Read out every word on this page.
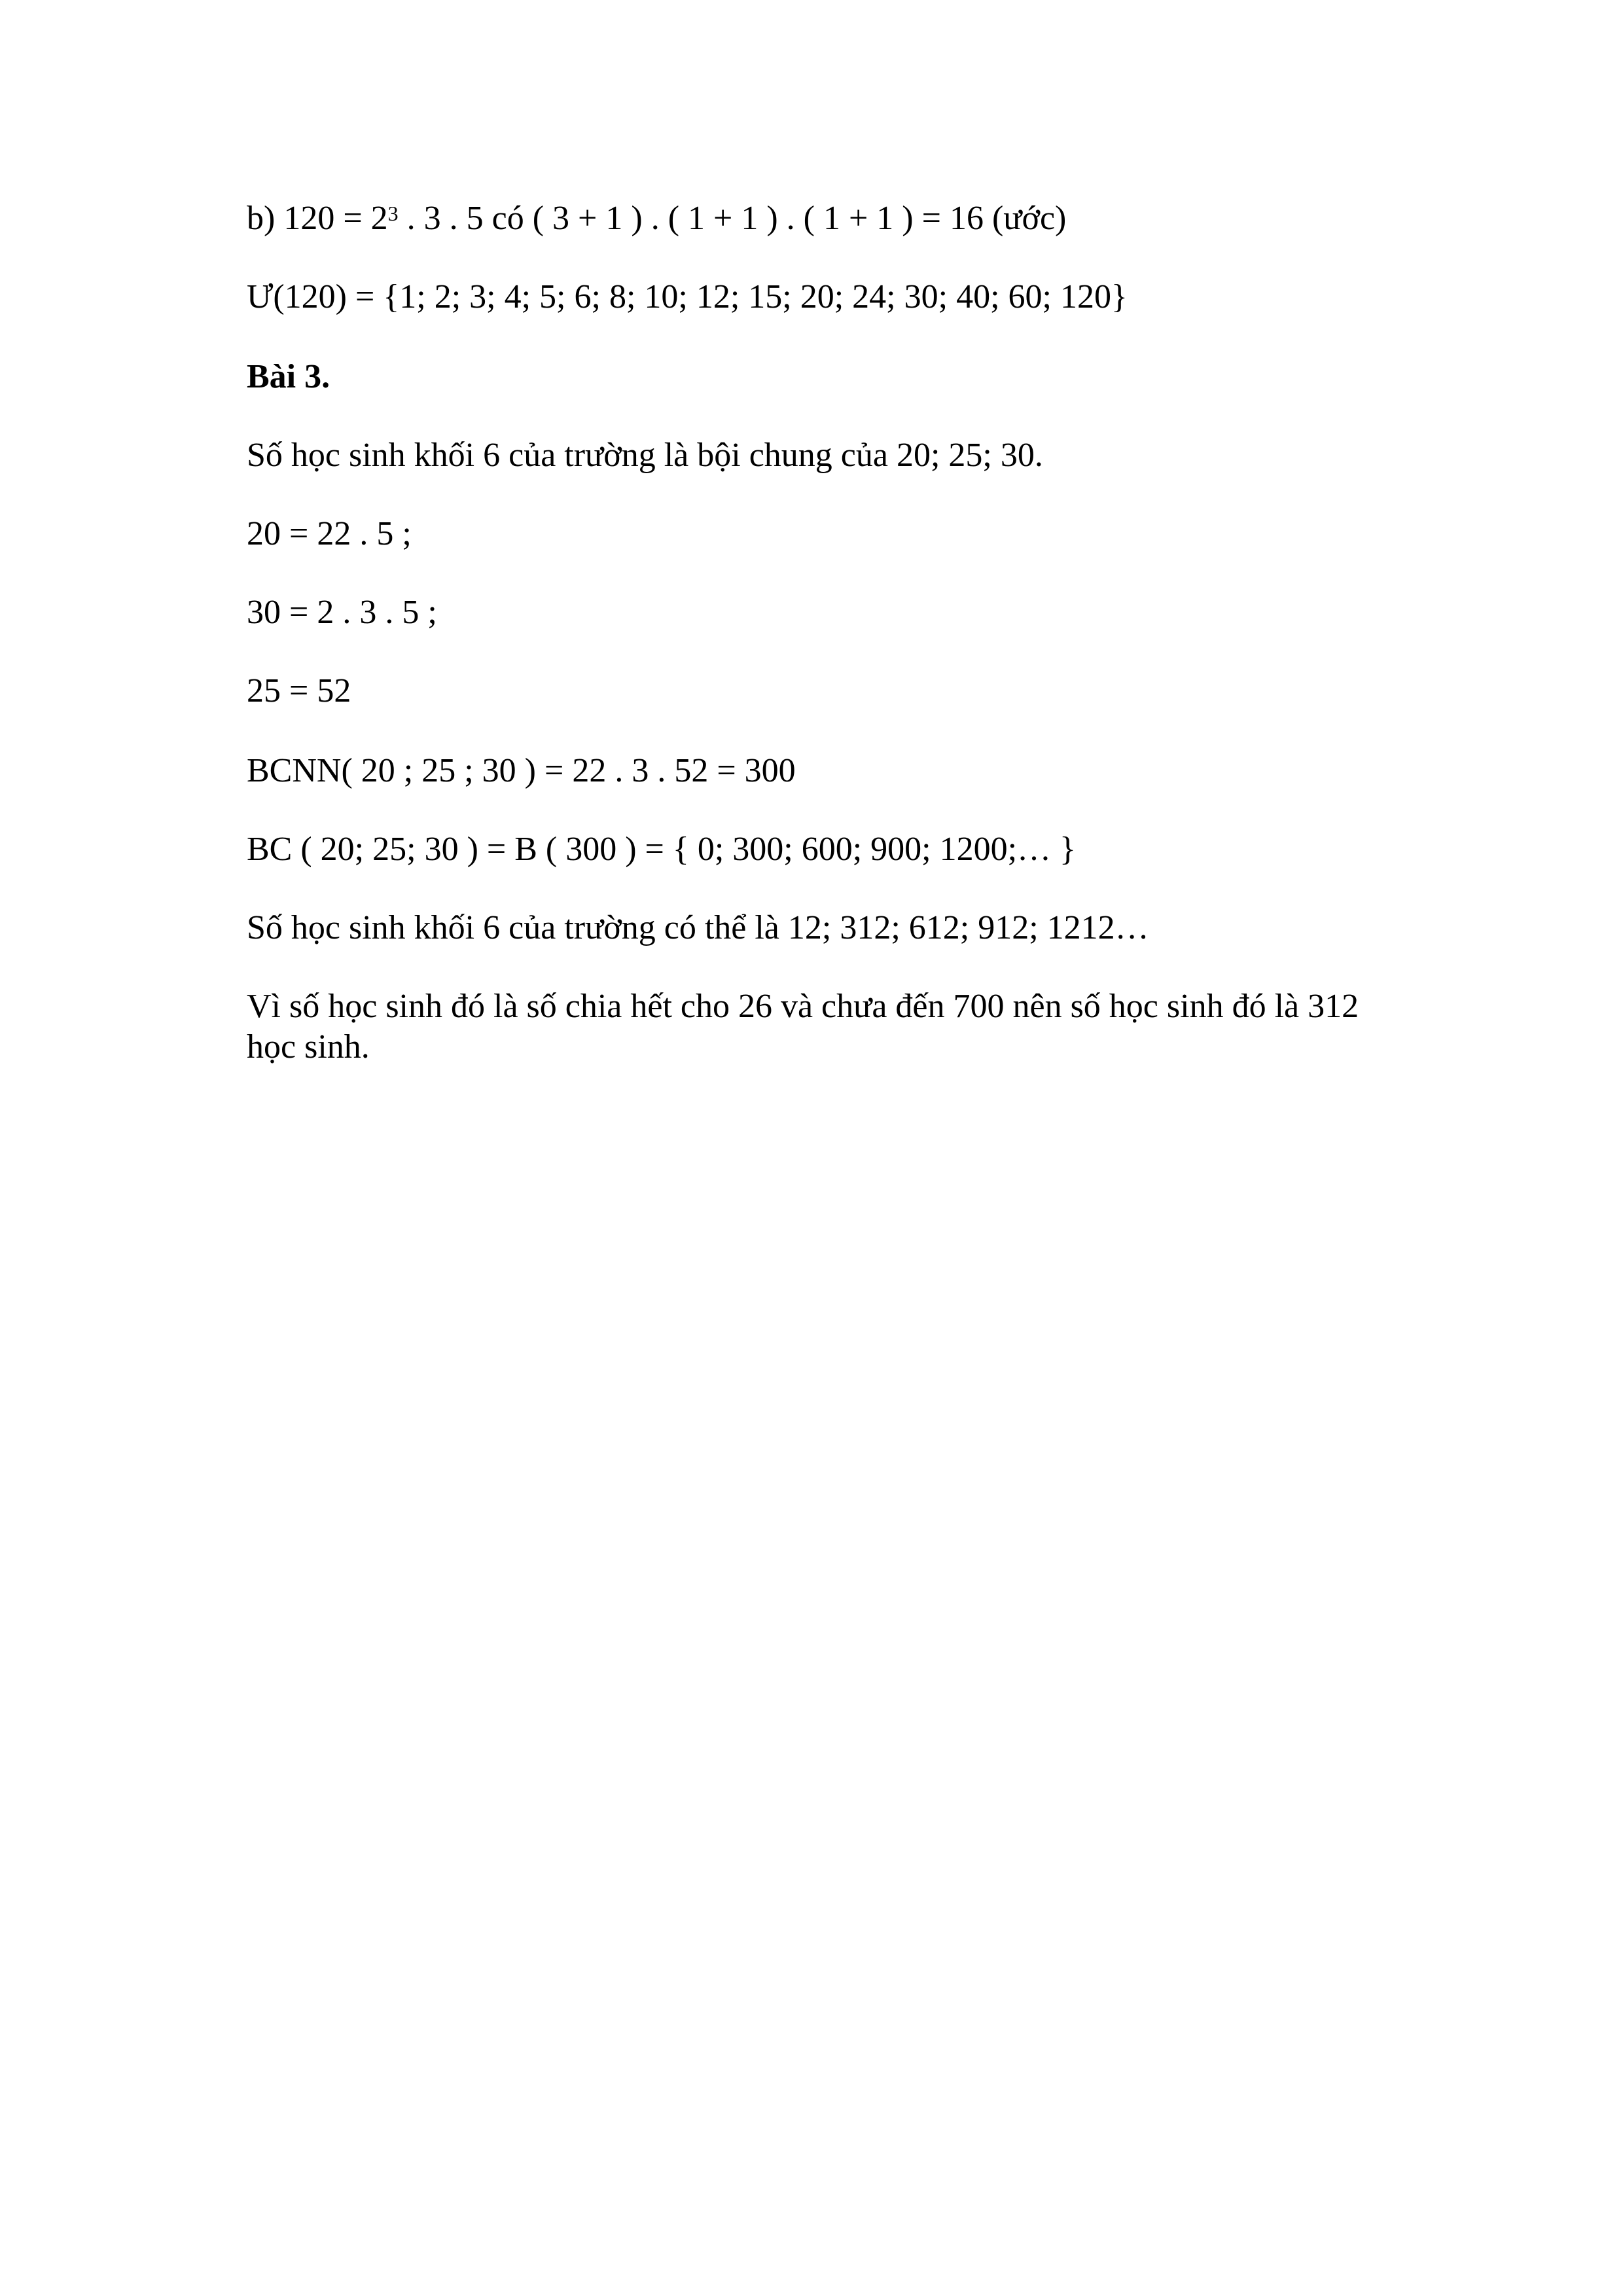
b) $120 = 2^3$ . 3 . 5 có ( 3 + 1 ) . ( 1 + 1 ) . ( 1 + 1 ) = 16 (ước)
Ư(120) = {1; 2; 3; 4; 5; 6; 8; 10; 12; 15; 20; 24; 30; 40; 60; 120}
Bài 3.
Số học sinh khối 6 của trường là bội chung của 20; 25; 30.
20 = 22 . 5 ;
30 = 2 . 3 . 5 ;
25 = 52
BCNN( 20 ; 25 ; 30 ) = 22 . 3 . 52 = 300
BC ( 20; 25; 30 ) = B ( 300 ) = { 0; 300; 600; 900; 1200;… }
Số học sinh khối 6 của trường có thể là 12; 312; 612; 912; 1212…
Vì số học sinh đó là số chia hết cho 26 và chưa đến 700 nên số học sinh đó là 312 học sinh.
